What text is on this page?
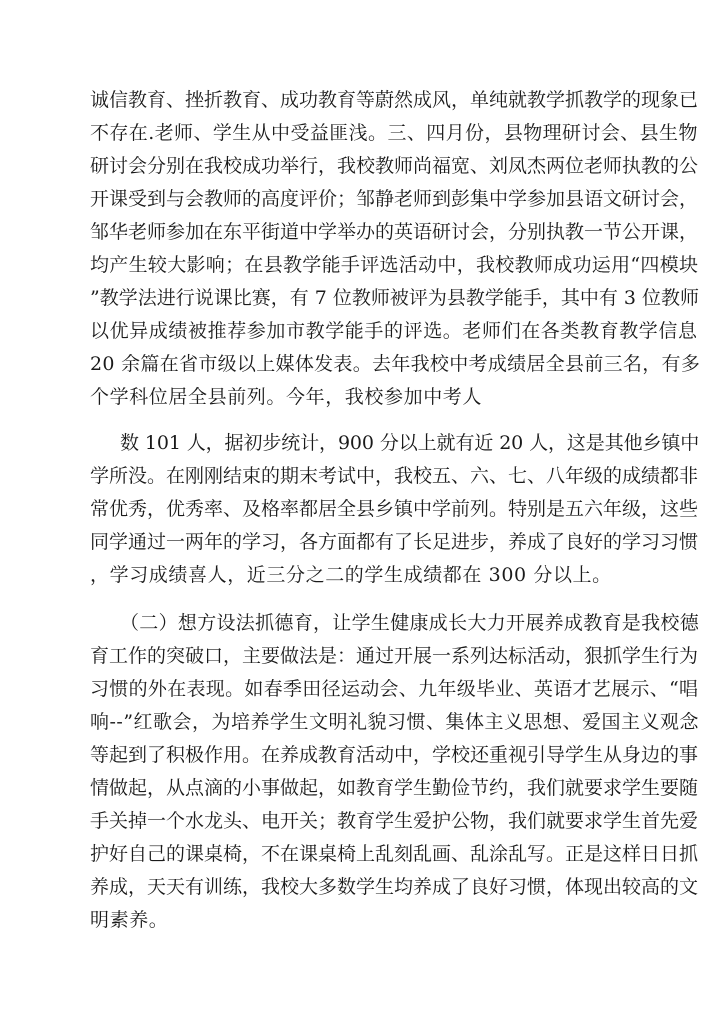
诚信教育、挫折教育、成功教育等蔚然成风，单纯就教学抓教学的现象已
不存在.老师、学生从中受益匪浅。三、四月份，县物理研讨会、县生物
研讨会分别在我校成功举行，我校教师尚福宽、刘凤杰两位老师执教的公
开课受到与会教师的高度评价；邹静老师到彭集中学参加县语文研讨会，
邹华老师参加在东平街道中学举办的英语研讨会，分别执教一节公开课，
均产生较大影响；在县教学能手评选活动中，我校教师成功运用“四模块
”教学法进行说课比赛，有 7 位教师被评为县教学能手，其中有 3 位教师
以优异成绩被推荐参加市教学能手的评选。老师们在各类教育教学信息
20 余篇在省市级以上媒体发表。去年我校中考成绩居全县前三名，有多
个学科位居全县前列。今年，我校参加中考人
数 101 人，据初步统计，900 分以上就有近 20 人，这是其他乡镇中
学所没。在刚刚结束的期末考试中，我校五、六、七、八年级的成绩都非
常优秀，优秀率、及格率都居全县乡镇中学前列。特别是五六年级，这些
同学通过一两年的学习，各方面都有了长足进步，养成了良好的学习习惯
，学习成绩喜人，近三分之二的学生成绩都在 300 分以上。
（二）想方设法抓德育，让学生健康成长大力开展养成教育是我校德
育工作的突破口，主要做法是：通过开展一系列达标活动，狠抓学生行为
习惯的外在表现。如春季田径运动会、九年级毕业、英语才艺展示、“唱
响--”红歌会，为培养学生文明礼貌习惯、集体主义思想、爱国主义观念
等起到了积极作用。在养成教育活动中，学校还重视引导学生从身边的事
情做起，从点滴的小事做起，如教育学生勤俭节约，我们就要求学生要随
手关掉一个水龙头、电开关；教育学生爱护公物，我们就要求学生首先爱
护好自己的课桌椅，不在课桌椅上乱刻乱画、乱涂乱写。正是这样日日抓
养成，天天有训练，我校大多数学生均养成了良好习惯，体现出较高的文
明素养。
